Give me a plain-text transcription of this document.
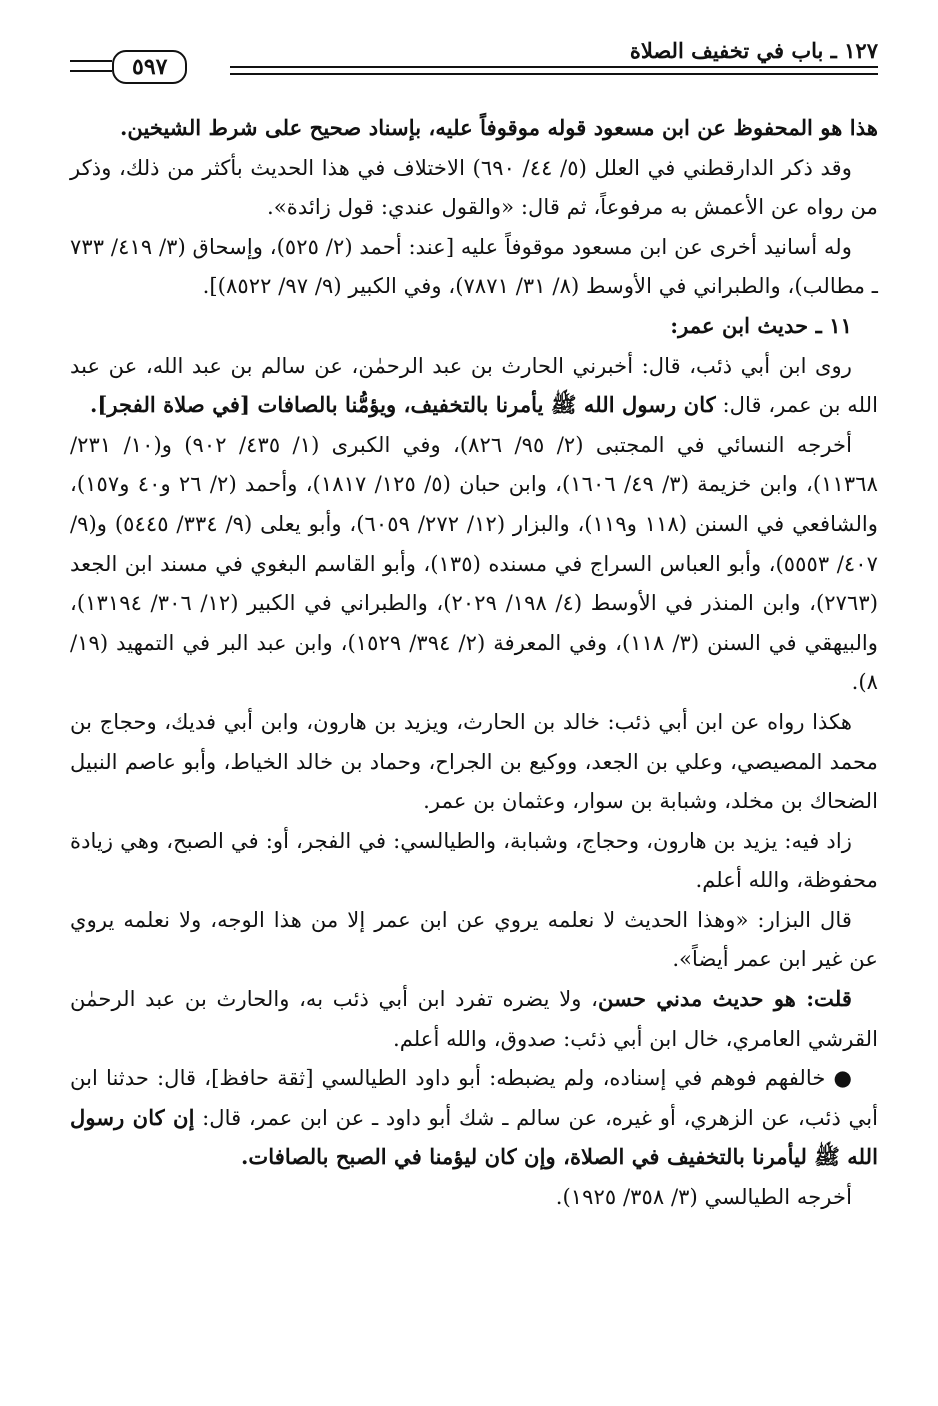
٥٩٧
١٢٧ ـ باب في تخفيف الصلاة

هذا هو المحفوظ عن ابن مسعود قوله موقوفاً عليه، بإسناد صحيح على شرط الشيخين.

وقد ذكر الدارقطني في العلل (٥/ ٤٤/ ٦٩٠) الاختلاف في هذا الحديث بأكثر من ذلك، وذكر من رواه عن الأعمش به مرفوعاً، ثم قال: «والقول عندي: قول زائدة».

وله أسانيد أخرى عن ابن مسعود موقوفاً عليه [عند: أحمد (٢/ ٥٢٥)، وإسحاق (٣/ ٤١٩/ ٧٣٣ ـ مطالب)، والطبراني في الأوسط (٨/ ٣١/ ٧٨٧١)، وفي الكبير (٩/ ٩٧/ ٨٥٢٢)].

١١ ـ حديث ابن عمر:

روى ابن أبي ذئب، قال: أخبرني الحارث بن عبد الرحمٰن، عن سالم بن عبد الله، عن عبد الله بن عمر، قال: كان رسول الله ﷺ يأمرنا بالتخفيف، ويؤمُّنا بالصافات [في صلاة الفجر].

أخرجه النسائي في المجتبى (٢/ ٩٥/ ٨٢٦)، وفي الكبرى (١/ ٤٣٥/ ٩٠٢) و(١٠/ ٢٣١/ ١١٣٦٨)، وابن خزيمة (٣/ ٤٩/ ١٦٠٦)، وابن حبان (٥/ ١٢٥/ ١٨١٧)، وأحمد (٢/ ٢٦ و٤٠ و١٥٧)، والشافعي في السنن (١١٨ و١١٩)، والبزار (١٢/ ٢٧٢/ ٦٠٥٩)، وأبو يعلى (٩/ ٣٣٤/ ٥٤٤٥) و(٩/ ٤٠٧/ ٥٥٥٣)، وأبو العباس السراج في مسنده (١٣٥)، وأبو القاسم البغوي في مسند ابن الجعد (٢٧٦٣)، وابن المنذر في الأوسط (٤/ ١٩٨/ ٢٠٢٩)، والطبراني في الكبير (١٢/ ٣٠٦/ ١٣١٩٤)، والبيهقي في السنن (٣/ ١١٨)، وفي المعرفة (٢/ ٣٩٤/ ١٥٢٩)، وابن عبد البر في التمهيد (١٩/ ٨).

هكذا رواه عن ابن أبي ذئب: خالد بن الحارث، ويزيد بن هارون، وابن أبي فديك، وحجاج بن محمد المصيصي، وعلي بن الجعد، ووكيع بن الجراح، وحماد بن خالد الخياط، وأبو عاصم النبيل الضحاك بن مخلد، وشبابة بن سوار، وعثمان بن عمر.

زاد فيه: يزيد بن هارون، وحجاج، وشبابة، والطيالسي: في الفجر، أو: في الصبح، وهي زيادة محفوظة، والله أعلم.

قال البزار: «وهذا الحديث لا نعلمه يروي عن ابن عمر إلا من هذا الوجه، ولا نعلمه يروي عن غير ابن عمر أيضاً».

قلت: هو حديث مدني حسن، ولا يضره تفرد ابن أبي ذئب به، والحارث بن عبد الرحمٰن القرشي العامري، خال ابن أبي ذئب: صدوق، والله أعلم.

● خالفهم فوهم في إسناده، ولم يضبطه: أبو داود الطيالسي [ثقة حافظ]، قال: حدثنا ابن أبي ذئب، عن الزهري، أو غيره، عن سالم ـ شك أبو داود ـ عن ابن عمر، قال: إن كان رسول الله ﷺ ليأمرنا بالتخفيف في الصلاة، وإن كان ليؤمنا في الصبح بالصافات.

أخرجه الطيالسي (٣/ ٣٥٨/ ١٩٢٥).
